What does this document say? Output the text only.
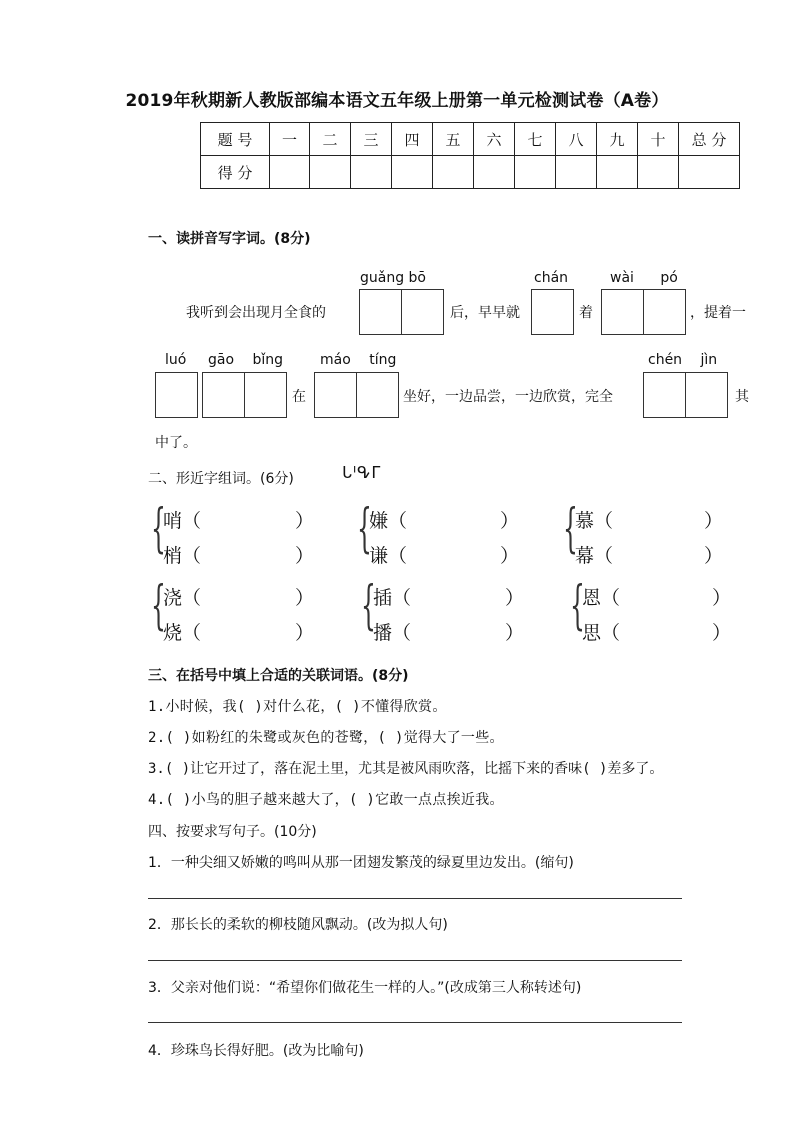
2019年秋期新人教版部编本语文五年级上册第一单元检测试卷（A卷）
题 号	一	二	三	四	五	六	七	八	九	十	总 分
得 分											
一、读拼音写字词。(8分)
guǎng bō	chán	wài pó
我听到会出现月全食的	后，早早就	着	，提着一
luó gāo bǐng	máo tíng	chén jìn
在	坐好，一边品尝，一边欣赏，完全	其
中了。
二、形近字组词。(6分)	ᒐᑊᕴᒥ
{
哨（	）
梢（	） {
嫌（	）
谦（	） {
慕（	）
幕（	）
{
浇（	）
烧（	） {
插（	）
播（	） {
恩（	）
思（	）
三、在括号中填上合适的关联词语。(8分)
1.小时候，我( )对什么花，( )不懂得欣赏。
2.( )如粉红的朱鹭或灰色的苍鹭，( )觉得大了一些。
3.( )让它开过了，落在泥土里，尤其是被风雨吹落，比摇下来的香味( )差多了。
4.( )小鸟的胆子越来越大了，( )它敢一点点挨近我。
四、按要求写句子。(10分)
1．一种尖细又娇嫩的鸣叫从那一团翅发繁茂的绿夏里边发出。(缩句)
2．那长长的柔软的柳枝随风飘动。(改为拟人句)
3．父亲对他们说：“希望你们做花生一样的人。”(改成第三人称转述句)
4．珍珠鸟长得好肥。(改为比喻句)
